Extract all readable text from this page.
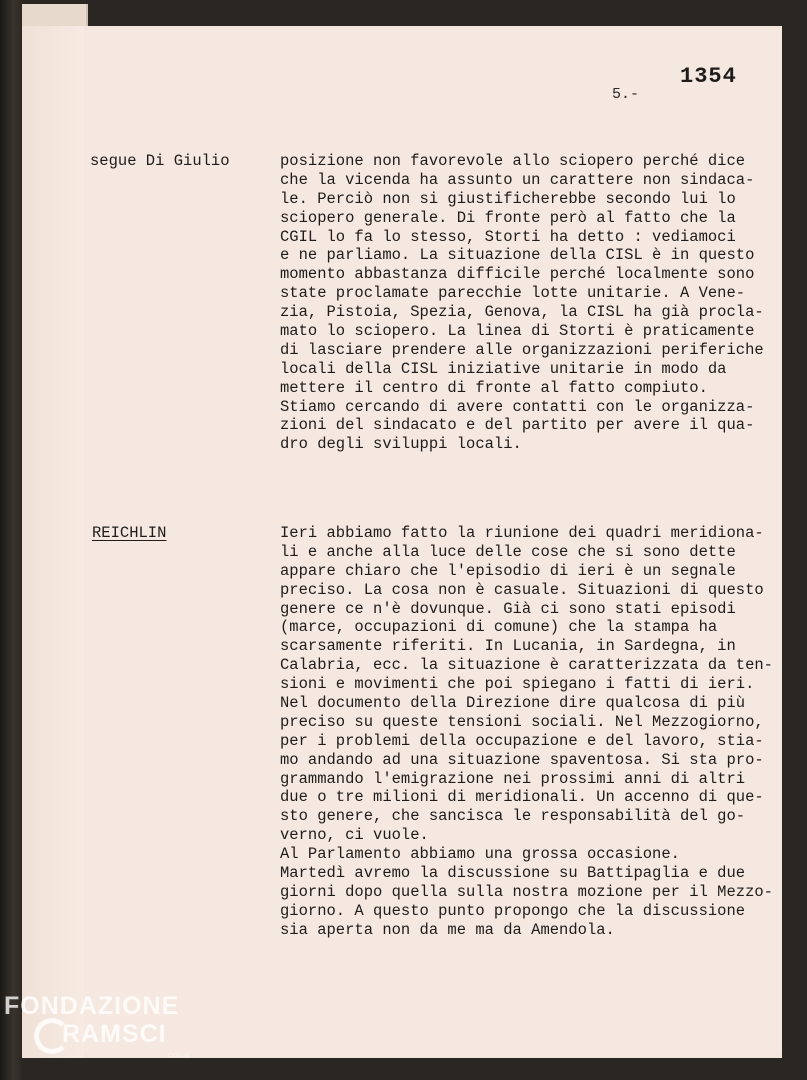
1354
5.-
segue Di Giulio	posizione non favorevole allo sciopero perché dice
che la vicenda ha assunto un carattere non sindaca-
le. Perciò non si giustificherebbe secondo lui lo
sciopero generale. Di fronte però al fatto che la
CGIL lo fa lo stesso, Storti ha detto : vediamoci
e ne parliamo. La situazione della CISL è in questo
momento abbastanza difficile perché localmente sono
state proclamate parecchie lotte unitarie. A Vene-
zia, Pistoia, Spezia, Genova, la CISL ha già procla-
mato lo sciopero. La linea di Storti è praticamente
di lasciare prendere alle organizzazioni periferiche
locali della CISL iniziative unitarie in modo da
mettere il centro di fronte al fatto compiuto.
Stiamo cercando di avere contatti con le organizza-
zioni del sindacato e del partito per avere il qua-
dro degli sviluppi locali.
REICHLIN	Ieri abbiamo fatto la riunione dei quadri meridiona-
li e anche alla luce delle cose che si sono dette
appare chiaro che l'episodio di ieri è un segnale
preciso. La cosa non è casuale. Situazioni di questo
genere ce n'è dovunque. Già ci sono stati episodi
(marce, occupazioni di comune) che la stampa ha
scarsamente riferiti. In Lucania, in Sardegna, in
Calabria, ecc. la situazione è caratterizzata da ten-
sioni e movimenti che poi spiegano i fatti di ieri.
Nel documento della Direzione dire qualcosa di più
preciso su queste tensioni sociali. Nel Mezzogiorno,
per i problemi della occupazione e del lavoro, stia-
mo andando ad una situazione spaventosa. Si sta pro-
grammando l'emigrazione nei prossimi anni di altri
due o tre milioni di meridionali. Un accenno di que-
sto genere, che sancisca le responsabilità del go-
verno, ci vuole.
Al Parlamento abbiamo una grossa occasione.
Martedì avremo la discussione su Battipaglia e due
giorni dopo quella sulla nostra mozione per il Mezzo-
giorno. A questo punto propongo che la discussione
sia aperta non da me ma da Amendola.
FONDAZIONE
RAMSCI
onlus
